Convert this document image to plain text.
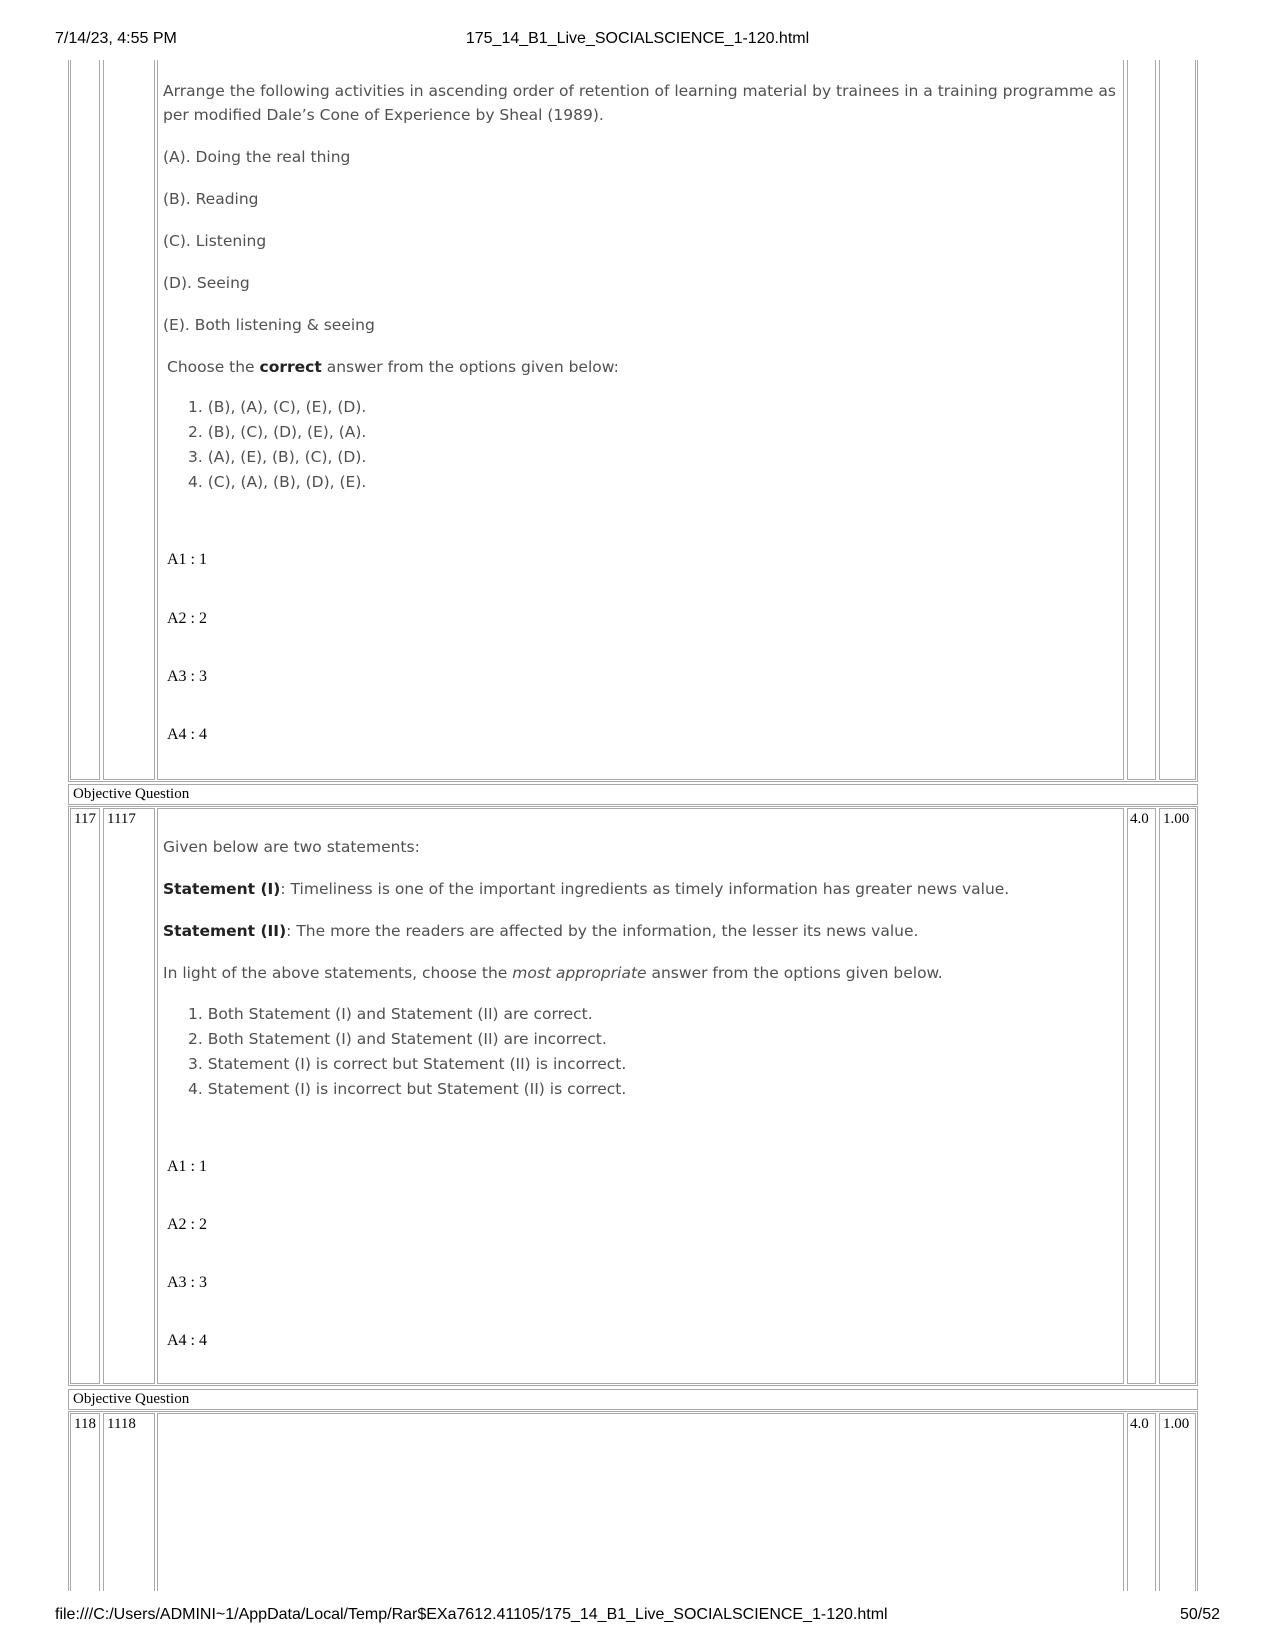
7/14/23, 4:55 PM	175_14_B1_Live_SOCIALSCIENCE_1-120.html
Arrange the following activities in ascending order of retention of learning material by trainees in a training programme as per modified Dale’s Cone of Experience by Sheal (1989).
(A). Doing the real thing
(B). Reading
(C). Listening
(D). Seeing
(E). Both listening & seeing
Choose the correct answer from the options given below:
1. (B), (A), (C), (E), (D).
2. (B), (C), (D), (E), (A).
3. (A), (E), (B), (C), (D).
4. (C), (A), (B), (D), (E).
A1 : 1
A2 : 2
A3 : 3
A4 : 4
Objective Question
117 1117	4.0 1.00
Given below are two statements:
Statement (I): Timeliness is one of the important ingredients as timely information has greater news value.
Statement (II): The more the readers are affected by the information, the lesser its news value.
In light of the above statements, choose the most appropriate answer from the options given below.
1. Both Statement (I) and Statement (II) are correct.
2. Both Statement (I) and Statement (II) are incorrect.
3. Statement (I) is correct but Statement (II) is incorrect.
4. Statement (I) is incorrect but Statement (II) is correct.
A1 : 1
A2 : 2
A3 : 3
A4 : 4
Objective Question
118 1118	4.0 1.00
file:///C:/Users/ADMINI~1/AppData/Local/Temp/Rar$EXa7612.41105/175_14_B1_Live_SOCIALSCIENCE_1-120.html	50/52
